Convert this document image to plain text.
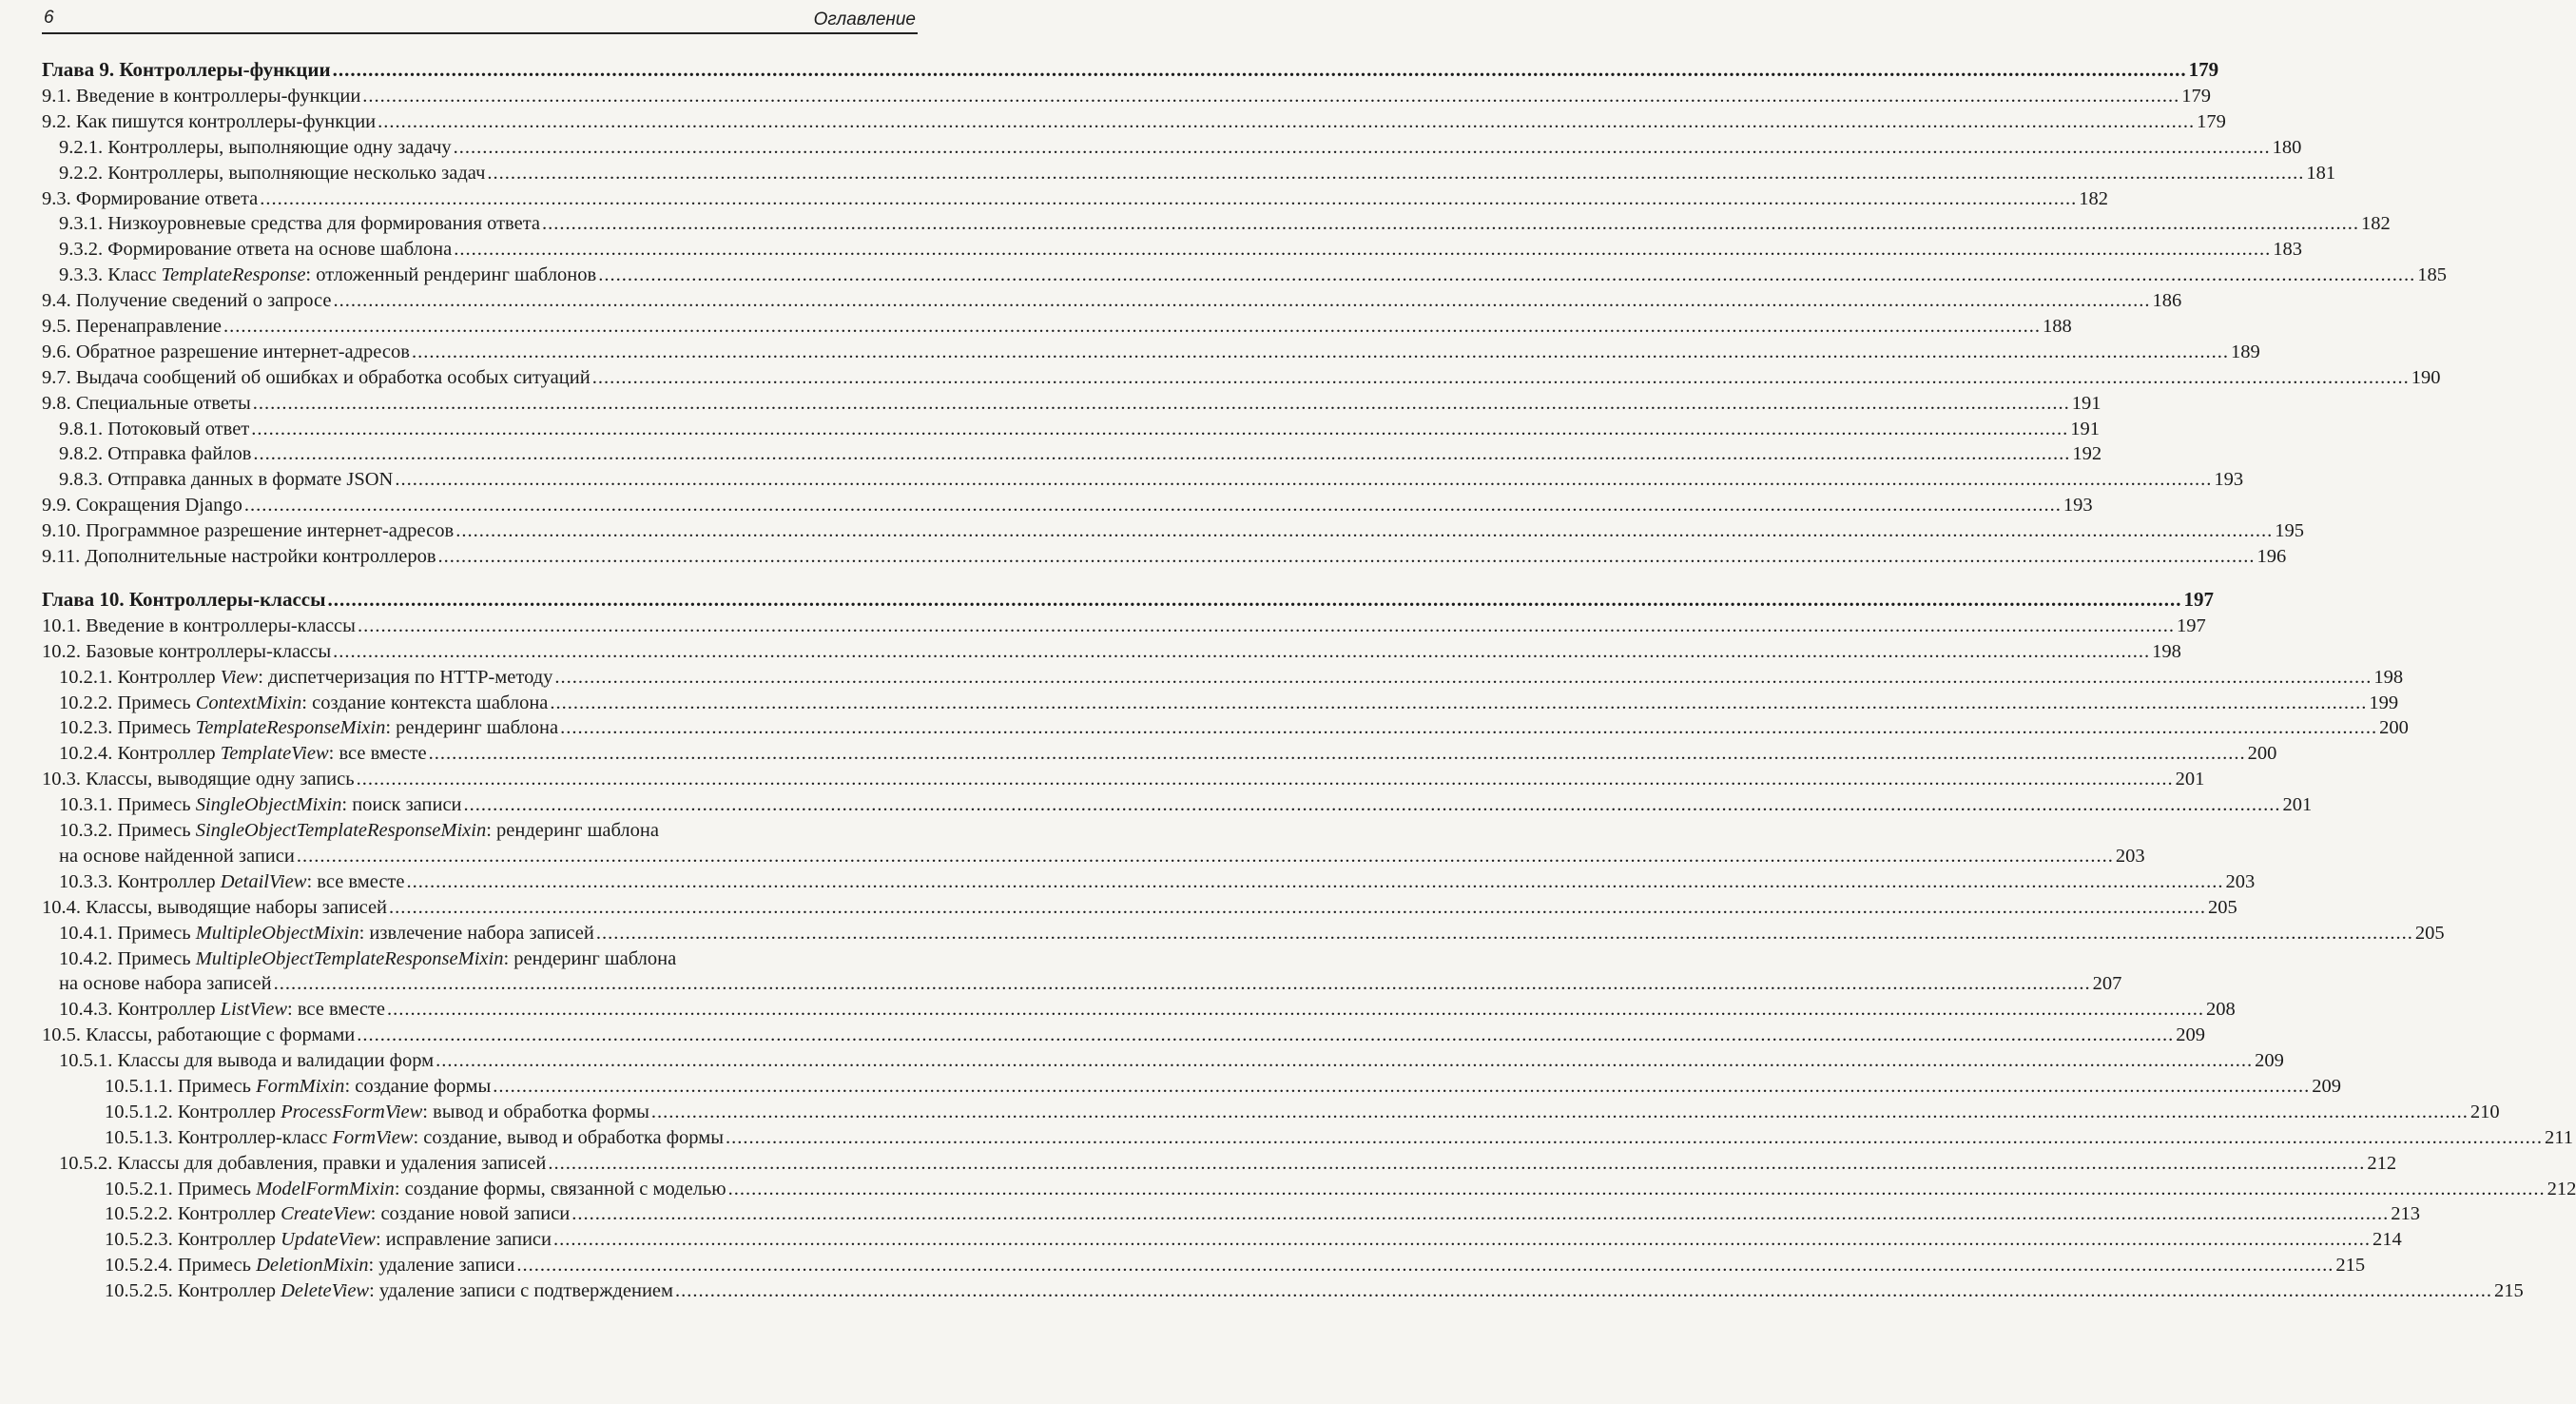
6	Оглавление
Глава 9. Контроллеры-функции .....	179
9.1. Введение в контроллеры-функции .....	179
9.2. Как пишутся контроллеры-функции .....	179
9.2.1. Контроллеры, выполняющие одну задачу .....	180
9.2.2. Контроллеры, выполняющие несколько задач .....	181
9.3. Формирование ответа .....	182
9.3.1. Низкоуровневые средства для формирования ответа .....	182
9.3.2. Формирование ответа на основе шаблона .....	183
9.3.3. Класс TemplateResponse: отложенный рендеринг шаблонов .....	185
9.4. Получение сведений о запросе .....	186
9.5. Перенаправление .....	188
9.6. Обратное разрешение интернет-адресов .....	189
9.7. Выдача сообщений об ошибках и обработка особых ситуаций .....	190
9.8. Специальные ответы .....	191
9.8.1. Потоковый ответ .....	191
9.8.2. Отправка файлов .....	192
9.8.3. Отправка данных в формате JSON .....	193
9.9. Сокращения Django .....	193
9.10. Программное разрешение интернет-адресов .....	195
9.11. Дополнительные настройки контроллеров .....	196
Глава 10. Контроллеры-классы .....	197
10.1. Введение в контроллеры-классы .....	197
10.2. Базовые контроллеры-классы .....	198
10.2.1. Контроллер View: диспетчеризация по HTTP-методу .....	198
10.2.2. Примесь ContextMixin: создание контекста шаблона .....	199
10.2.3. Примесь TemplateResponseMixin: рендеринг шаблона .....	200
10.2.4. Контроллер TemplateView: все вместе .....	200
10.3. Классы, выводящие одну запись .....	201
10.3.1. Примесь SingleObjectMixin: поиск записи .....	201
10.3.2. Примесь SingleObjectTemplateResponseMixin: рендеринг шаблона
на основе найденной записи .....	203
10.3.3. Контроллер DetailView: все вместе .....	203
10.4. Классы, выводящие наборы записей .....	205
10.4.1. Примесь MultipleObjectMixin: извлечение набора записей .....	205
10.4.2. Примесь MultipleObjectTemplateResponseMixin: рендеринг шаблона
на основе набора записей .....	207
10.4.3. Контроллер ListView: все вместе .....	208
10.5. Классы, работающие с формами .....	209
10.5.1. Классы для вывода и валидации форм .....	209
10.5.1.1. Примесь FormMixin: создание формы .....	209
10.5.1.2. Контроллер ProcessFormView: вывод и обработка формы .....	210
10.5.1.3. Контроллер-класс FormView: создание, вывод и обработка формы .....	211
10.5.2. Классы для добавления, правки и удаления записей .....	212
10.5.2.1. Примесь ModelFormMixin: создание формы, связанной с моделью .....	212
10.5.2.2. Контроллер CreateView: создание новой записи .....	213
10.5.2.3. Контроллер UpdateView: исправление записи .....	214
10.5.2.4. Примесь DeletionMixin: удаление записи .....	215
10.5.2.5. Контроллер DeleteView: удаление записи с подтверждением .....	215
